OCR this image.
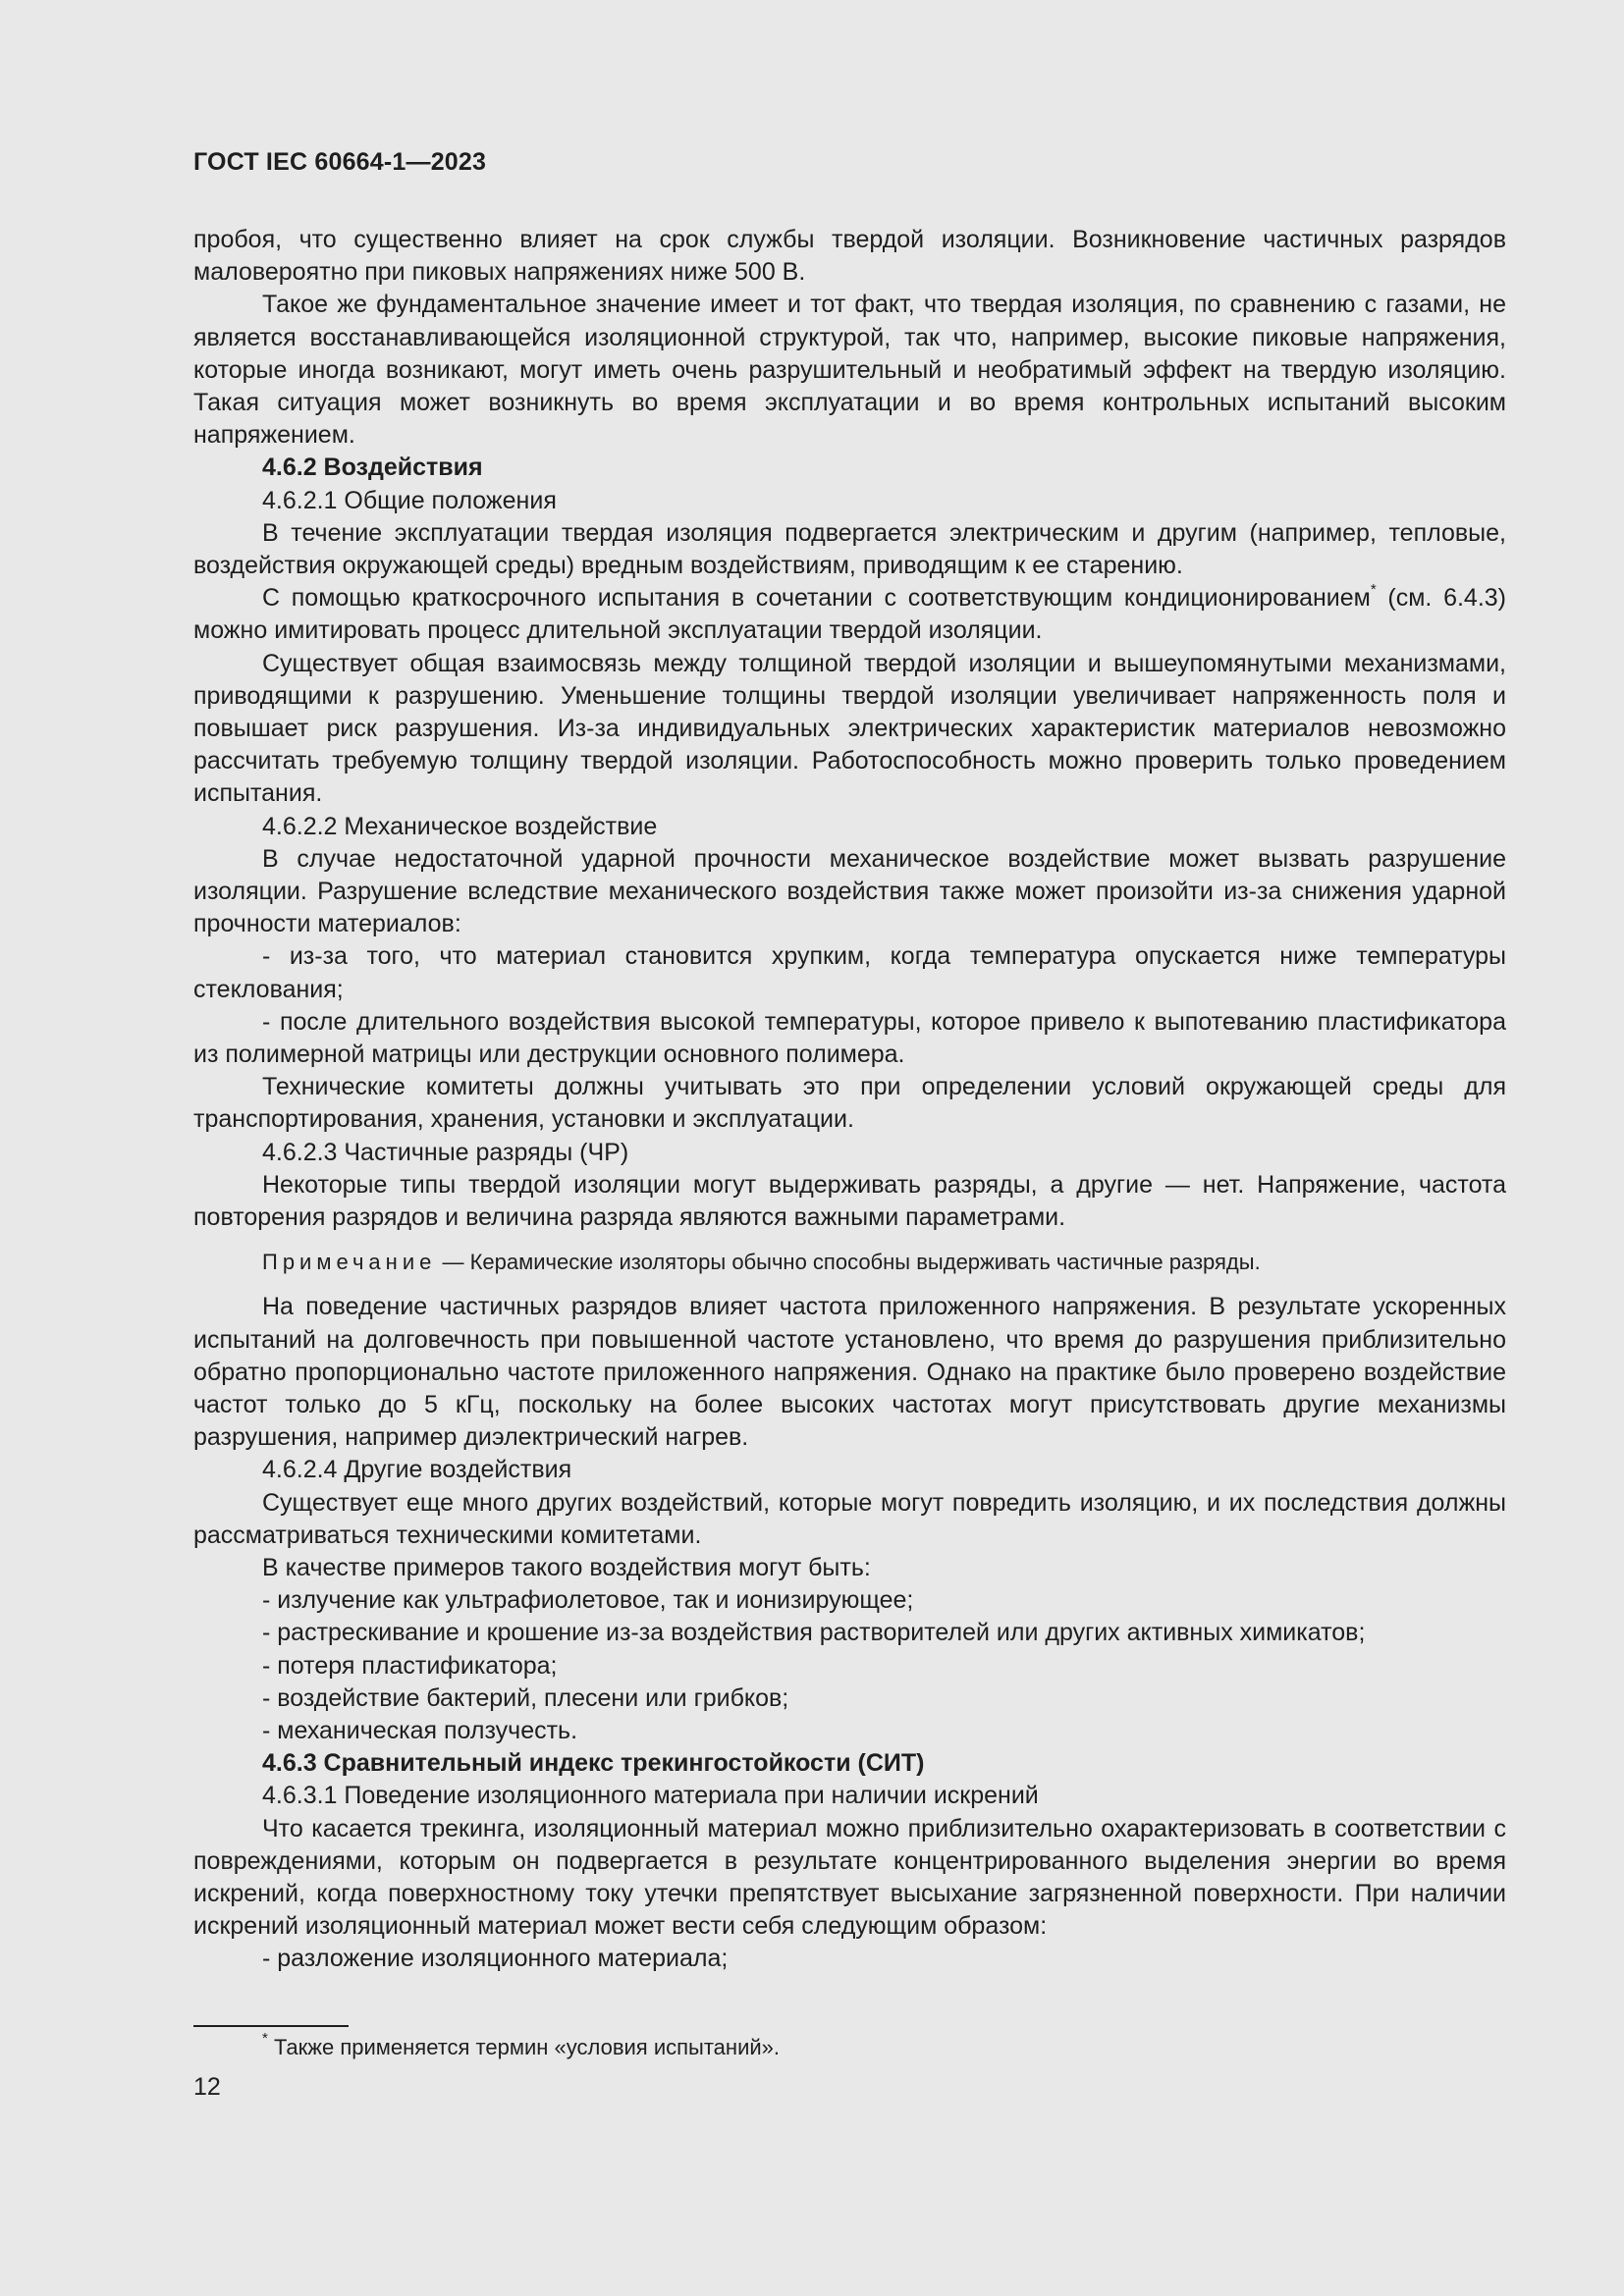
ГОСТ IEC 60664-1—2023

пробоя, что существенно влияет на срок службы твердой изоляции. Возникновение частичных разрядов маловероятно при пиковых напряжениях ниже 500 В.

Такое же фундаментальное значение имеет и тот факт, что твердая изоляция, по сравнению с газами, не является восстанавливающейся изоляционной структурой, так что, например, высокие пиковые напряжения, которые иногда возникают, могут иметь очень разрушительный и необратимый эффект на твердую изоляцию. Такая ситуация может возникнуть во время эксплуатации и во время контрольных испытаний высоким напряжением.

4.6.2 Воздействия

4.6.2.1 Общие положения

В течение эксплуатации твердая изоляция подвергается электрическим и другим (например, тепловые, воздействия окружающей среды) вредным воздействиям, приводящим к ее старению.

С помощью краткосрочного испытания в сочетании с соответствующим кондиционированием* (см. 6.4.3) можно имитировать процесс длительной эксплуатации твердой изоляции.

Существует общая взаимосвязь между толщиной твердой изоляции и вышеупомянутыми механизмами, приводящими к разрушению. Уменьшение толщины твердой изоляции увеличивает напряженность поля и повышает риск разрушения. Из-за индивидуальных электрических характеристик материалов невозможно рассчитать требуемую толщину твердой изоляции. Работоспособность можно проверить только проведением испытания.

4.6.2.2 Механическое воздействие

В случае недостаточной ударной прочности механическое воздействие может вызвать разрушение изоляции. Разрушение вследствие механического воздействия также может произойти из-за снижения ударной прочности материалов:

- из-за того, что материал становится хрупким, когда температура опускается ниже температуры стеклования;

- после длительного воздействия высокой температуры, которое привело к выпотеванию пластификатора из полимерной матрицы или деструкции основного полимера.

Технические комитеты должны учитывать это при определении условий окружающей среды для транспортирования, хранения, установки и эксплуатации.

4.6.2.3 Частичные разряды (ЧР)

Некоторые типы твердой изоляции могут выдерживать разряды, а другие — нет. Напряжение, частота повторения разрядов и величина разряда являются важными параметрами.

Примечание — Керамические изоляторы обычно способны выдерживать частичные разряды.

На поведение частичных разрядов влияет частота приложенного напряжения. В результате ускоренных испытаний на долговечность при повышенной частоте установлено, что время до разрушения приблизительно обратно пропорционально частоте приложенного напряжения. Однако на практике было проверено воздействие частот только до 5 кГц, поскольку на более высоких частотах могут присутствовать другие механизмы разрушения, например диэлектрический нагрев.

4.6.2.4 Другие воздействия

Существует еще много других воздействий, которые могут повредить изоляцию, и их последствия должны рассматриваться техническими комитетами.

В качестве примеров такого воздействия могут быть:

- излучение как ультрафиолетовое, так и ионизирующее;

- растрескивание и крошение из-за воздействия растворителей или других активных химикатов;

- потеря пластификатора;

- воздействие бактерий, плесени или грибков;

- механическая ползучесть.

4.6.3 Сравнительный индекс трекингостойкости (СИТ)

4.6.3.1 Поведение изоляционного материала при наличии искрений

Что касается трекинга, изоляционный материал можно приблизительно охарактеризовать в соответствии с повреждениями, которым он подвергается в результате концентрированного выделения энергии во время искрений, когда поверхностному току утечки препятствует высыхание загрязненной поверхности. При наличии искрений изоляционный материал может вести себя следующим образом:

- разложение изоляционного материала;

* Также применяется термин «условия испытаний».
12
